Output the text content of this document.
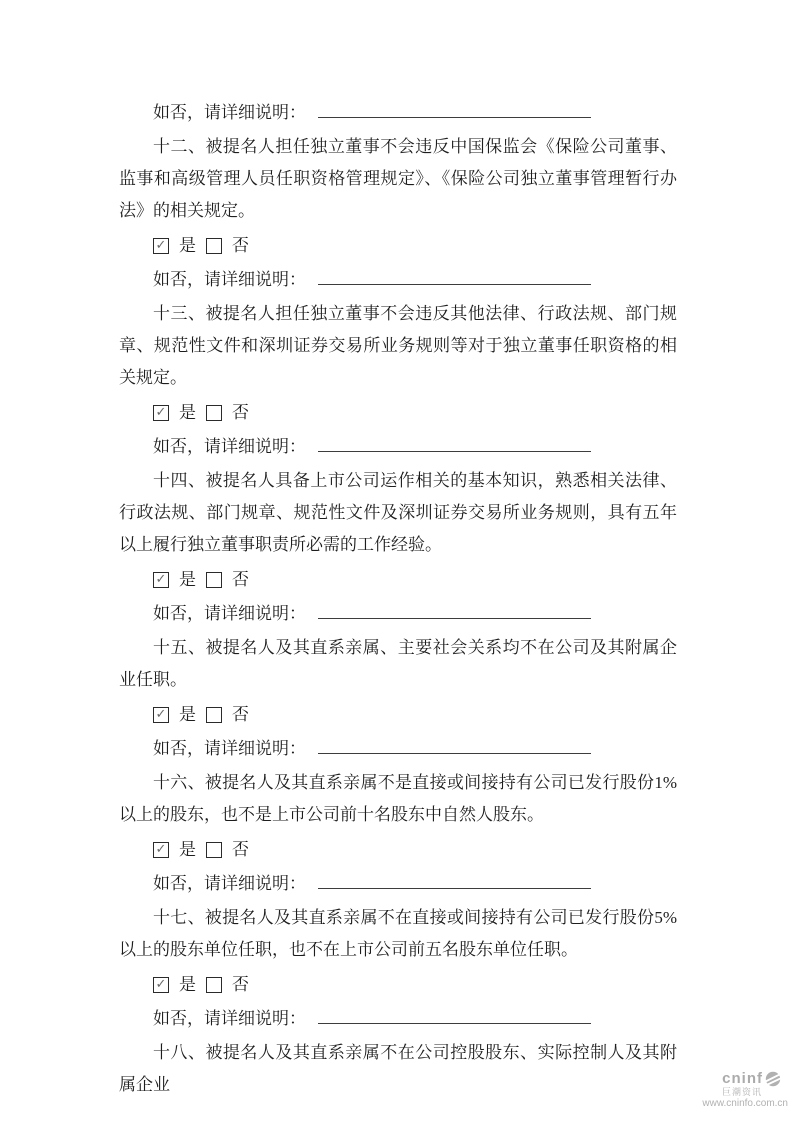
如否，请详细说明：

十二、被提名人担任独立董事不会违反中国保监会《保险公司董事、监事和高级管理人员任职资格管理规定》、《保险公司独立董事管理暂行办法》的相关规定。

✓ 是 否
如否，请详细说明：

十三、被提名人担任独立董事不会违反其他法律、行政法规、部门规章、规范性文件和深圳证券交易所业务规则等对于独立董事任职资格的相关规定。

✓ 是 否
如否，请详细说明：

十四、被提名人具备上市公司运作相关的基本知识，熟悉相关法律、行政法规、部门规章、规范性文件及深圳证券交易所业务规则，具有五年以上履行独立董事职责所必需的工作经验。

✓ 是 否
如否，请详细说明：

十五、被提名人及其直系亲属、主要社会关系均不在公司及其附属企业任职。

✓ 是 否
如否，请详细说明：

十六、被提名人及其直系亲属不是直接或间接持有公司已发行股份1%以上的股东，也不是上市公司前十名股东中自然人股东。

✓ 是 否
如否，请详细说明：

十七、被提名人及其直系亲属不在直接或间接持有公司已发行股份5%以上的股东单位任职，也不在上市公司前五名股东单位任职。

✓ 是 否
如否，请详细说明：

十八、被提名人及其直系亲属不在公司控股股东、实际控制人及其附属企业	cninf
巨潮资讯
www.cninfo.com.cn
